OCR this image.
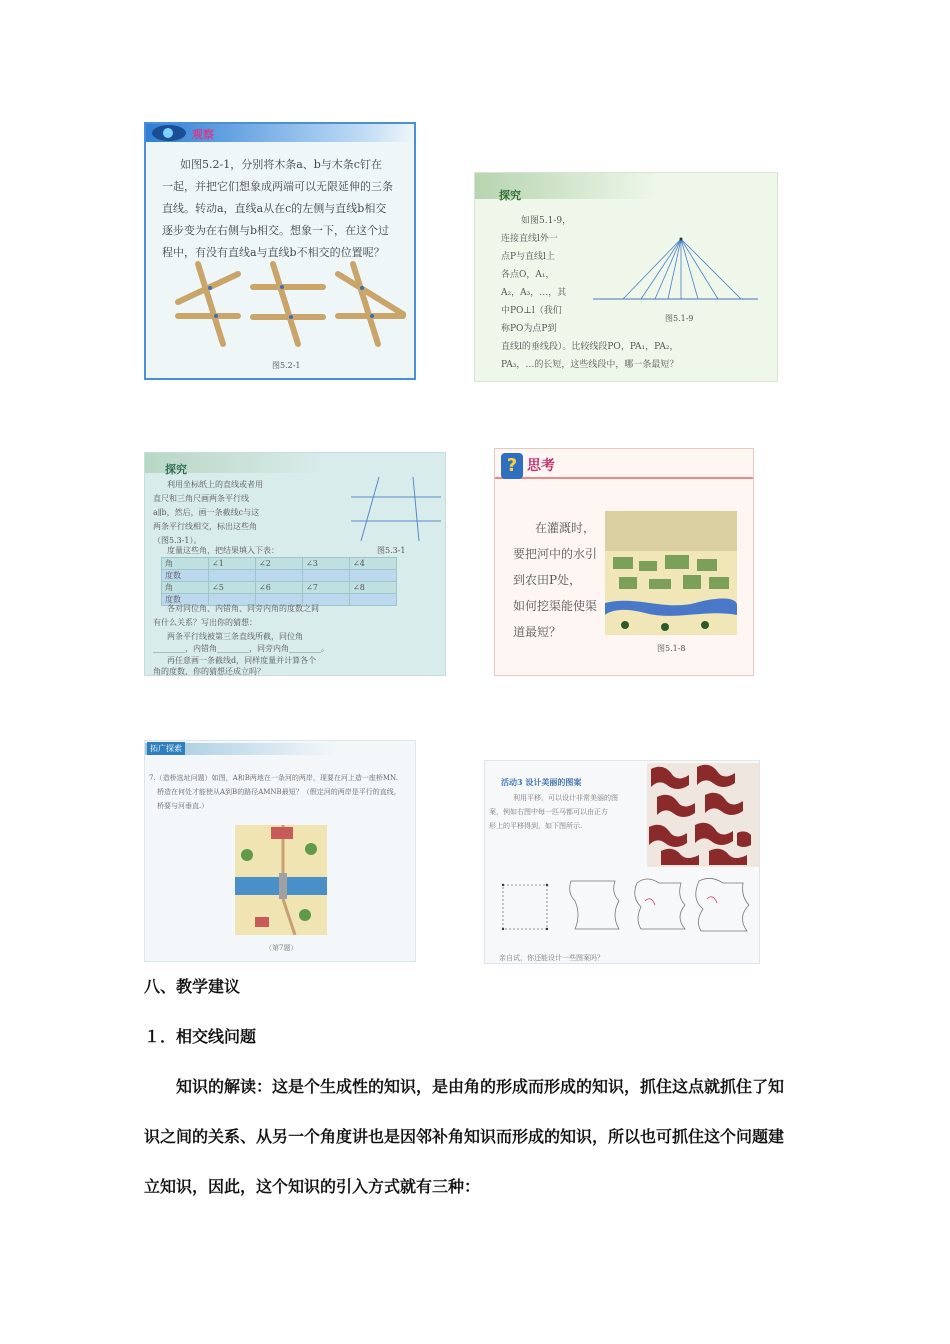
观察
如图5.2-1，分别将木条a、b与木条c钉在
一起，并把它们想象成两端可以无限延伸的三条
直线。转动a，直线a从在c的左侧与直线b相交
逐步变为在右侧与b相交。想象一下，在这个过
程中，有没有直线a与直线b不相交的位置呢？
图5.2-1
探究
如图5.1-9，
连接直线l外一
点P与直线l上
各点O，A₁，
A₂，A₃，…，其
中PO⊥l（我们
称PO为点P到
直线l的垂线段）。比较线段PO，PA₁，PA₂，
PA₃，…的长短，这些线段中，哪一条最短？
图5.1-9
探究
利用坐标纸上的直线或者用
直尺和三角尺画两条平行线
a∥b，然后，画一条截线c与这
两条平行线相交，标出这些角
（图5.3-1）。
度量这些角，把结果填入下表：	图5.3-1
角	∠1	∠2	∠3	∠4
度数				
角	∠5	∠6	∠7	∠8
度数				
各对同位角、内错角、同旁内角的度数之间
有什么关系？写出你的猜想：
两条平行线被第三条直线所截，同位角
________，内错角________，同旁内角________。
再任意画一条截线d，同样度量并计算各个
角的度数，你的猜想还成立吗？
? 思考
在灌溉时，
要把河中的水引
到农田P处，
如何挖渠能使渠
道最短？
图5.1-8
拓广探索
7.（造桥选址问题）如图，A和B两地在一条河的两岸，现要在河上造一座桥MN.
桥造在何处才能使从A到B的路径AMNB最短？（假定河的两岸是平行的直线，
桥要与河垂直.）
（第7题）
活动3 设计美丽的图案
利用平移，可以设计非常美丽的图
案，例如右图中每一匹马都可以由正方
形上的平移得到，如下图所示.
亲自试，你还能设计一些图案吗？
八、教学建议
１．相交线问题
知识的解读：这是个生成性的知识，是由角的形成而形成的知识，抓住这点就抓住了知
识之间的关系、从另一个角度讲也是因邻补角知识而形成的知识，所以也可抓住这个问题建
立知识，因此，这个知识的引入方式就有三种：
